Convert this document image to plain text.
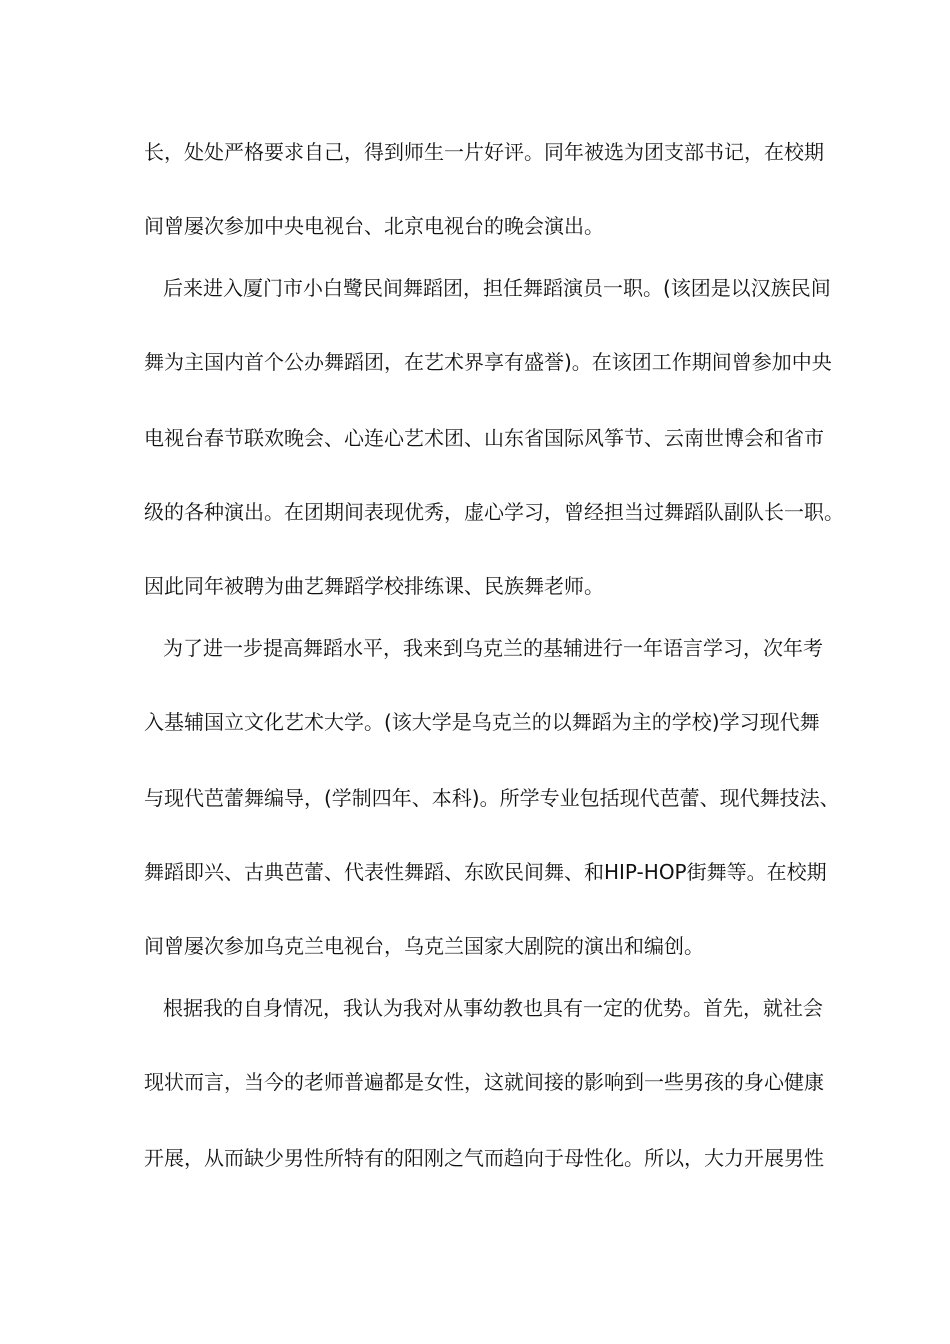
长，处处严格要求自己，得到师生一片好评。同年被选为团支部书记，在校期
间曾屡次参加中央电视台、北京电视台的晚会演出。
后来进入厦门市小白鹭民间舞蹈团，担任舞蹈演员一职。(该团是以汉族民间
舞为主国内首个公办舞蹈团，在艺术界享有盛誉)。在该团工作期间曾参加中央
电视台春节联欢晚会、心连心艺术团、山东省国际风筝节、云南世博会和省市
级的各种演出。在团期间表现优秀，虚心学习，曾经担当过舞蹈队副队长一职。
因此同年被聘为曲艺舞蹈学校排练课、民族舞老师。
为了进一步提高舞蹈水平，我来到乌克兰的基辅进行一年语言学习，次年考
入基辅国立文化艺术大学。(该大学是乌克兰的以舞蹈为主的学校)学习现代舞
与现代芭蕾舞编导，(学制四年、本科)。所学专业包括现代芭蕾、现代舞技法、
舞蹈即兴、古典芭蕾、代表性舞蹈、东欧民间舞、和HIP-HOP街舞等。在校期
间曾屡次参加乌克兰电视台，乌克兰国家大剧院的演出和编创。
根据我的自身情况，我认为我对从事幼教也具有一定的优势。首先，就社会
现状而言，当今的老师普遍都是女性，这就间接的影响到一些男孩的身心健康
开展，从而缺少男性所特有的阳刚之气而趋向于母性化。所以，大力开展男性
